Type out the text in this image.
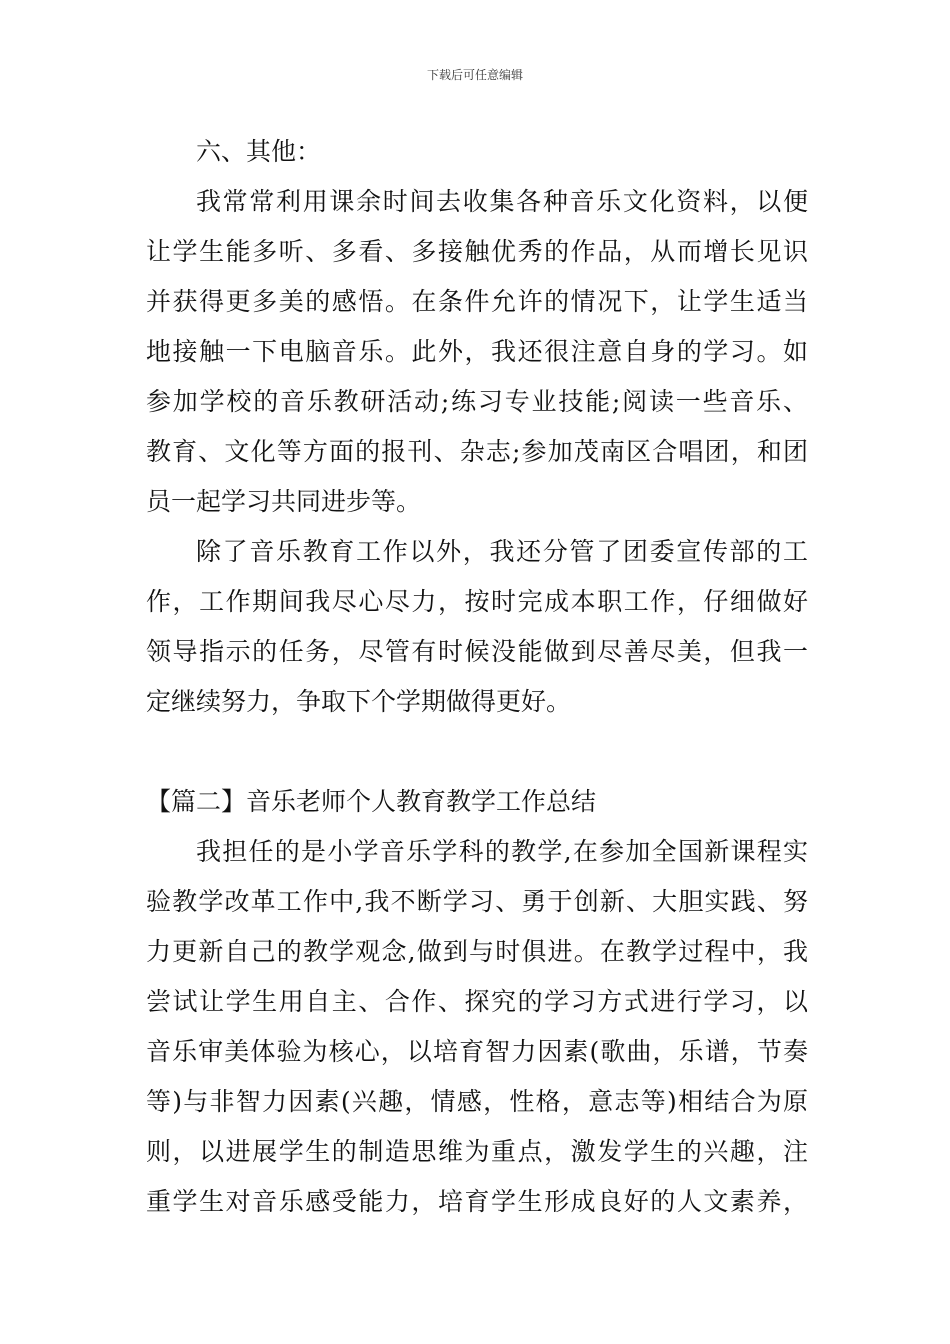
下载后可任意编辑
六、其他：
我常常利用课余时间去收集各种音乐文化资料，以便
让学生能多听、多看、多接触优秀的作品，从而增长见识
并获得更多美的感悟。在条件允许的情况下，让学生适当
地接触一下电脑音乐。此外，我还很注意自身的学习。如
参加学校的音乐教研活动;练习专业技能;阅读一些音乐、
教育、文化等方面的报刊、杂志;参加茂南区合唱团，和团
员一起学习共同进步等。
除了音乐教育工作以外，我还分管了团委宣传部的工
作，工作期间我尽心尽力，按时完成本职工作，仔细做好
领导指示的任务，尽管有时候没能做到尽善尽美，但我一
定继续努力，争取下个学期做得更好。
【篇二】音乐老师个人教育教学工作总结
我担任的是小学音乐学科的教学,在参加全国新课程实
验教学改革工作中,我不断学习、勇于创新、大胆实践、努
力更新自己的教学观念,做到与时俱进。在教学过程中，我
尝试让学生用自主、合作、探究的学习方式进行学习，以
音乐审美体验为核心，以培育智力因素(歌曲，乐谱，节奏
等)与非智力因素(兴趣，情感，性格，意志等)相结合为原
则，以进展学生的制造思维为重点，激发学生的兴趣，注
重学生对音乐感受能力，培育学生形成良好的人文素养，
